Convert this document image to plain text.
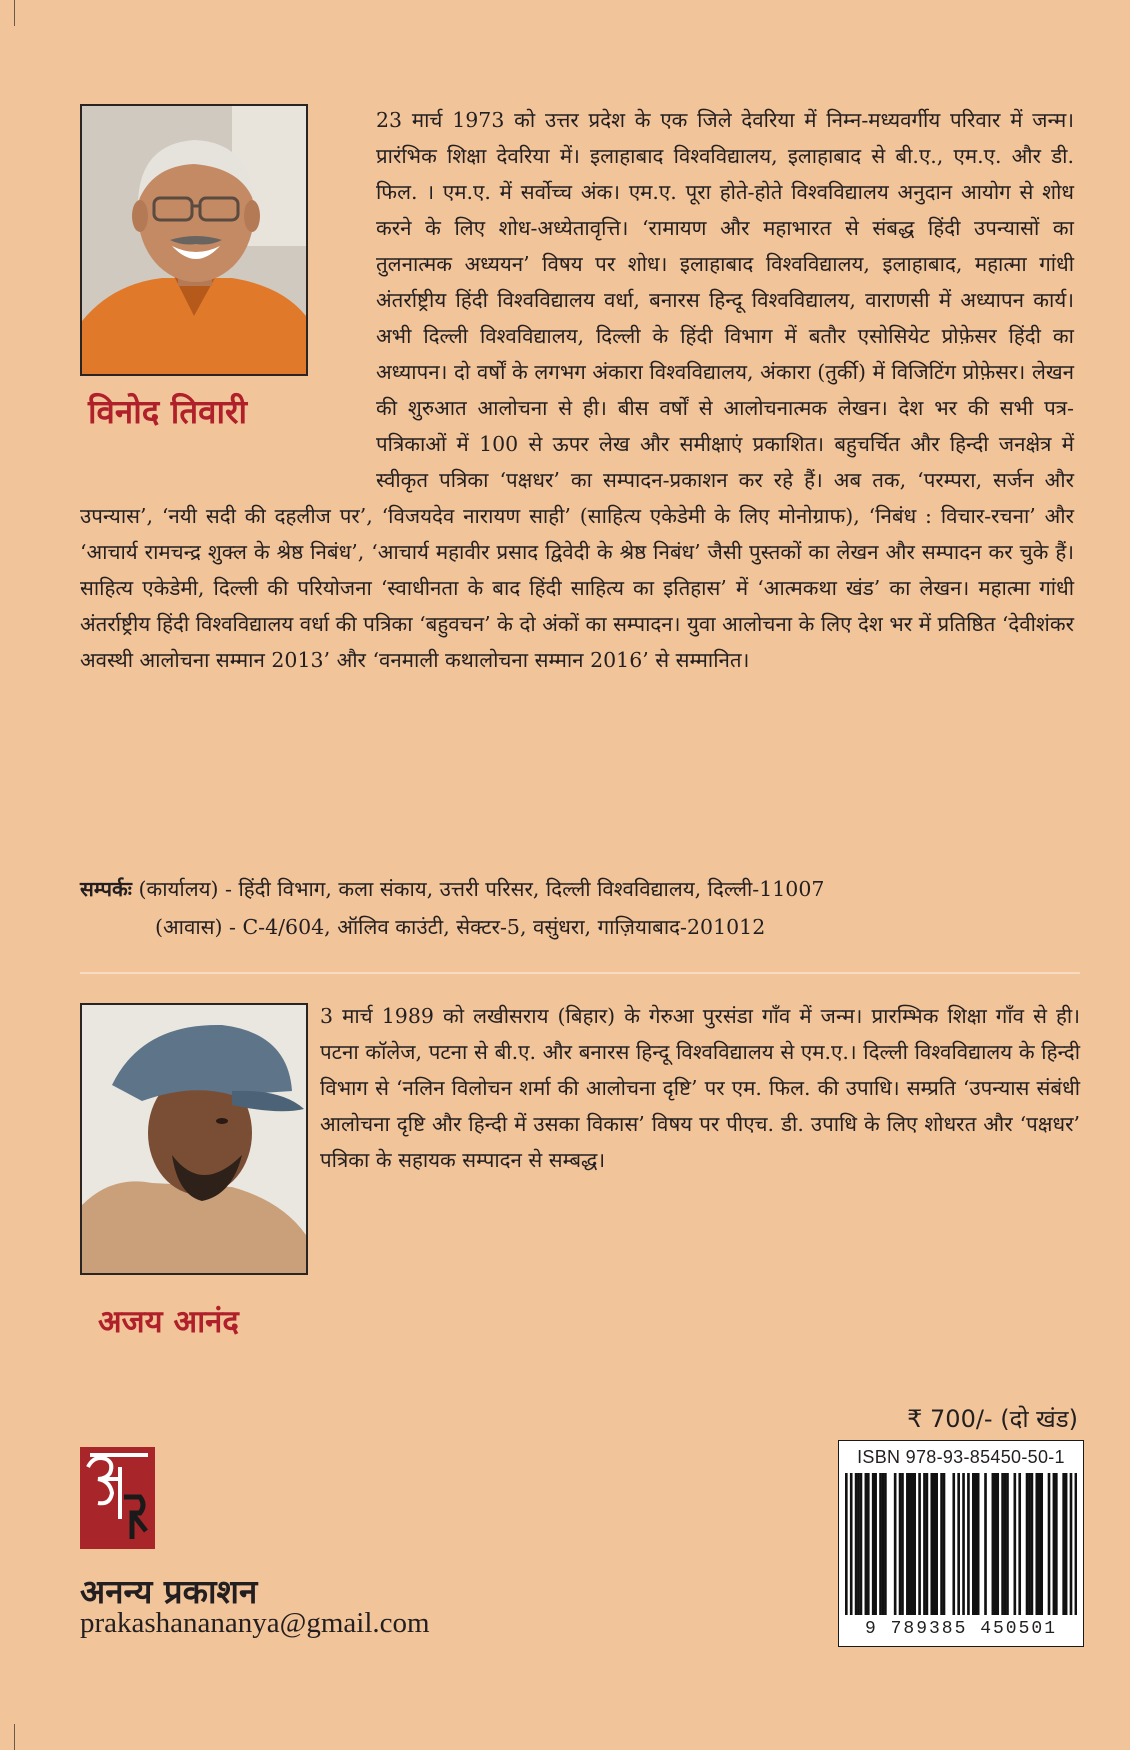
विनोद तिवारी

23 मार्च 1973 को उत्तर प्रदेश के एक जिले देवरिया में निम्न-मध्यवर्गीय परिवार में जन्म। प्रारंभिक शिक्षा देवरिया में। इलाहाबाद विश्वविद्यालय, इलाहाबाद से बी.ए., एम.ए. और डी. फिल. । एम.ए. में सर्वोच्च अंक। एम.ए. पूरा होते-होते विश्वविद्यालय अनुदान आयोग से शोध करने के लिए शोध-अध्येतावृत्ति। ‘रामायण और महाभारत से संबद्ध हिंदी उपन्यासों का तुलनात्मक अध्ययन’ विषय पर शोध। इलाहाबाद विश्वविद्यालय, इलाहाबाद, महात्मा गांधी अंतर्राष्ट्रीय हिंदी विश्वविद्यालय वर्धा, बनारस हिन्दू विश्वविद्यालय, वाराणसी में अध्यापन कार्य। अभी दिल्ली विश्वविद्यालय, दिल्ली के हिंदी विभाग में बतौर एसोसियेट प्रोफ़ेसर हिंदी का अध्यापन। दो वर्षों के लगभग अंकारा विश्वविद्यालय, अंकारा (तुर्की) में विजिटिंग प्रोफ़ेसर। लेखन की शुरुआत आलोचना से ही। बीस वर्षों से आलोचनात्मक लेखन। देश भर की सभी पत्र-पत्रिकाओं में 100 से ऊपर लेख और समीक्षाएं प्रकाशित। बहुचर्चित और हिन्दी जनक्षेत्र में स्वीकृत पत्रिका ‘पक्षधर’ का सम्पादन-प्रकाशन कर रहे हैं। अब तक, ‘परम्परा, सर्जन और उपन्यास’, ‘नयी सदी की दहलीज पर’, ‘विजयदेव नारायण साही’ (साहित्य एकेडेमी के लिए मोनोग्राफ), ‘निबंध : विचार-रचना’ और ‘आचार्य रामचन्द्र शुक्ल के श्रेष्ठ निबंध’, ‘आचार्य महावीर प्रसाद द्विवेदी के श्रेष्ठ निबंध’ जैसी पुस्तकों का लेखन और सम्पादन कर चुके हैं। साहित्य एकेडेमी, दिल्ली की परियोजना ‘स्वाधीनता के बाद हिंदी साहित्य का इतिहास’ में ‘आत्मकथा खंड’ का लेखन। महात्मा गांधी अंतर्राष्ट्रीय हिंदी विश्वविद्यालय वर्धा की पत्रिका ‘बहुवचन’ के दो अंकों का सम्पादन। युवा आलोचना के लिए देश भर में प्रतिष्ठित ‘देवीशंकर अवस्थी आलोचना सम्मान 2013’ और ‘वनमाली कथालोचना सम्मान 2016’ से सम्मानित।

सम्पर्कः (कार्यालय) - हिंदी विभाग, कला संकाय, उत्तरी परिसर, दिल्ली विश्वविद्यालय, दिल्ली-11007
(आवास) - C-4/604, ऑलिव काउंटी, सेक्टर-5, वसुंधरा, गाज़ियाबाद-201012
अजय आनंद

3 मार्च 1989 को लखीसराय (बिहार) के गेरुआ पुरसंडा गाँव में जन्म। प्रारम्भिक शिक्षा गाँव से ही। पटना कॉलेज, पटना से बी.ए. और बनारस हिन्दू विश्वविद्यालय से एम.ए.। दिल्ली विश्वविद्यालय के हिन्दी विभाग से ‘नलिन विलोचन शर्मा की आलोचना दृष्टि’ पर एम. फिल. की उपाधि। सम्प्रति ‘उपन्यास संबंधी आलोचना दृष्टि और हिन्दी में उसका विकास’ विषय पर पीएच. डी. उपाधि के लिए शोधरत और ‘पक्षधर’ पत्रिका के सहायक सम्पादन से सम्बद्ध।

₹ 700/- (दो खंड)
ISBN 978-93-85450-50-1
9 789385 450501
अनन्य प्रकाशन
prakashanananya@gmail.com
